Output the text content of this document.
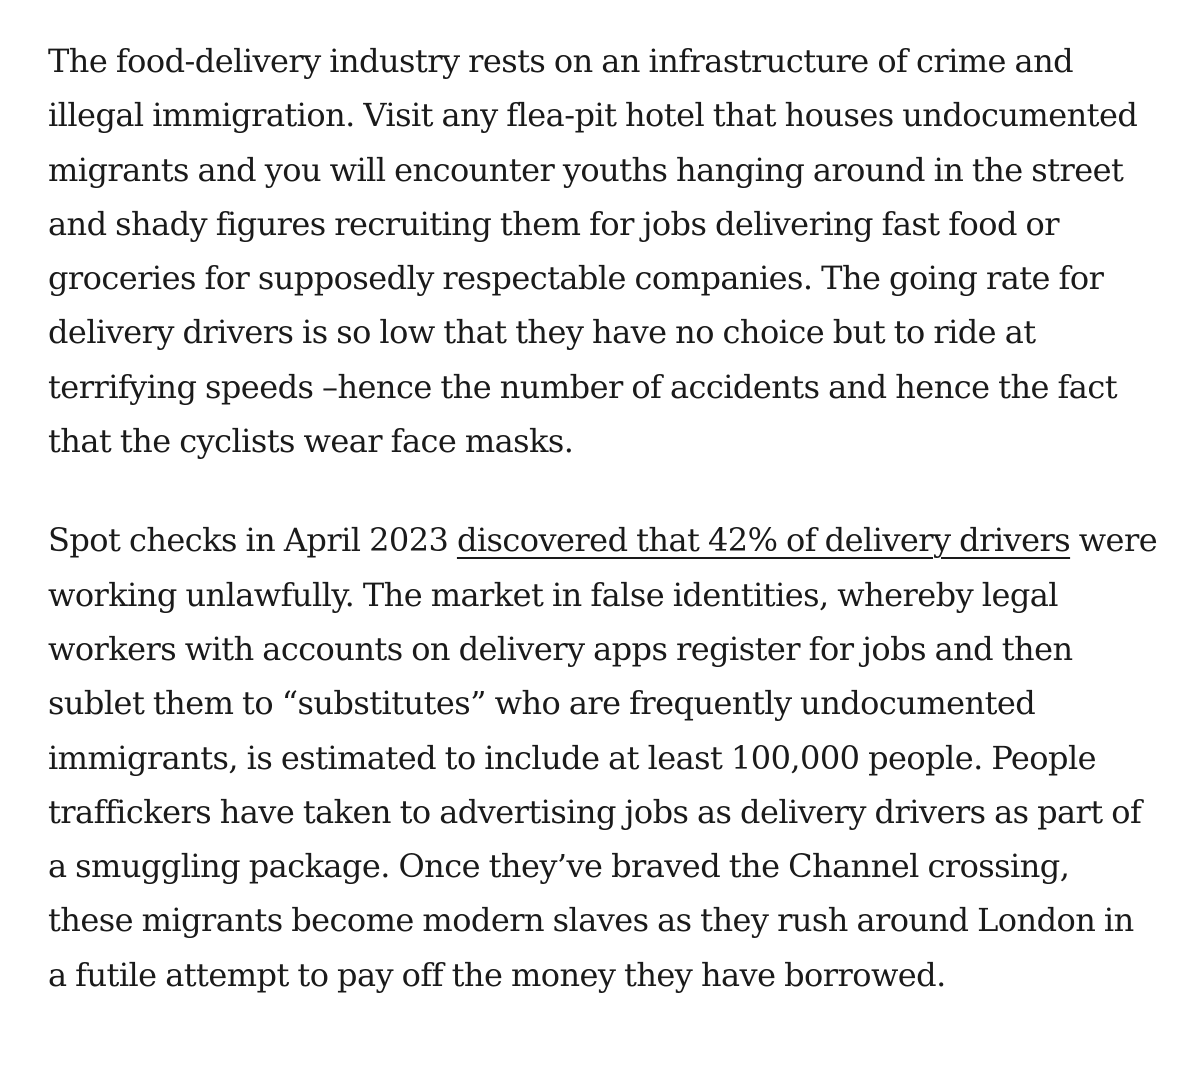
The food-delivery industry rests on an infrastructure of crime and illegal immigration. Visit any flea-pit hotel that houses undocumented migrants and you will encounter youths hanging around in the street and shady figures recruiting them for jobs delivering fast food or groceries for supposedly respectable companies. The going rate for delivery drivers is so low that they have no choice but to ride at terrifying speeds –hence the number of accidents and hence the fact that the cyclists wear face masks.

Spot checks in April 2023 discovered that 42% of delivery drivers were working unlawfully. The market in false identities, whereby legal workers with accounts on delivery apps register for jobs and then sublet them to “substitutes” who are frequently undocumented immigrants, is estimated to include at least 100,000 people. People traffickers have taken to advertising jobs as delivery drivers as part of a smuggling package. Once they’ve braved the Channel crossing, these migrants become modern slaves as they rush around London in a futile attempt to pay off the money they have borrowed.
